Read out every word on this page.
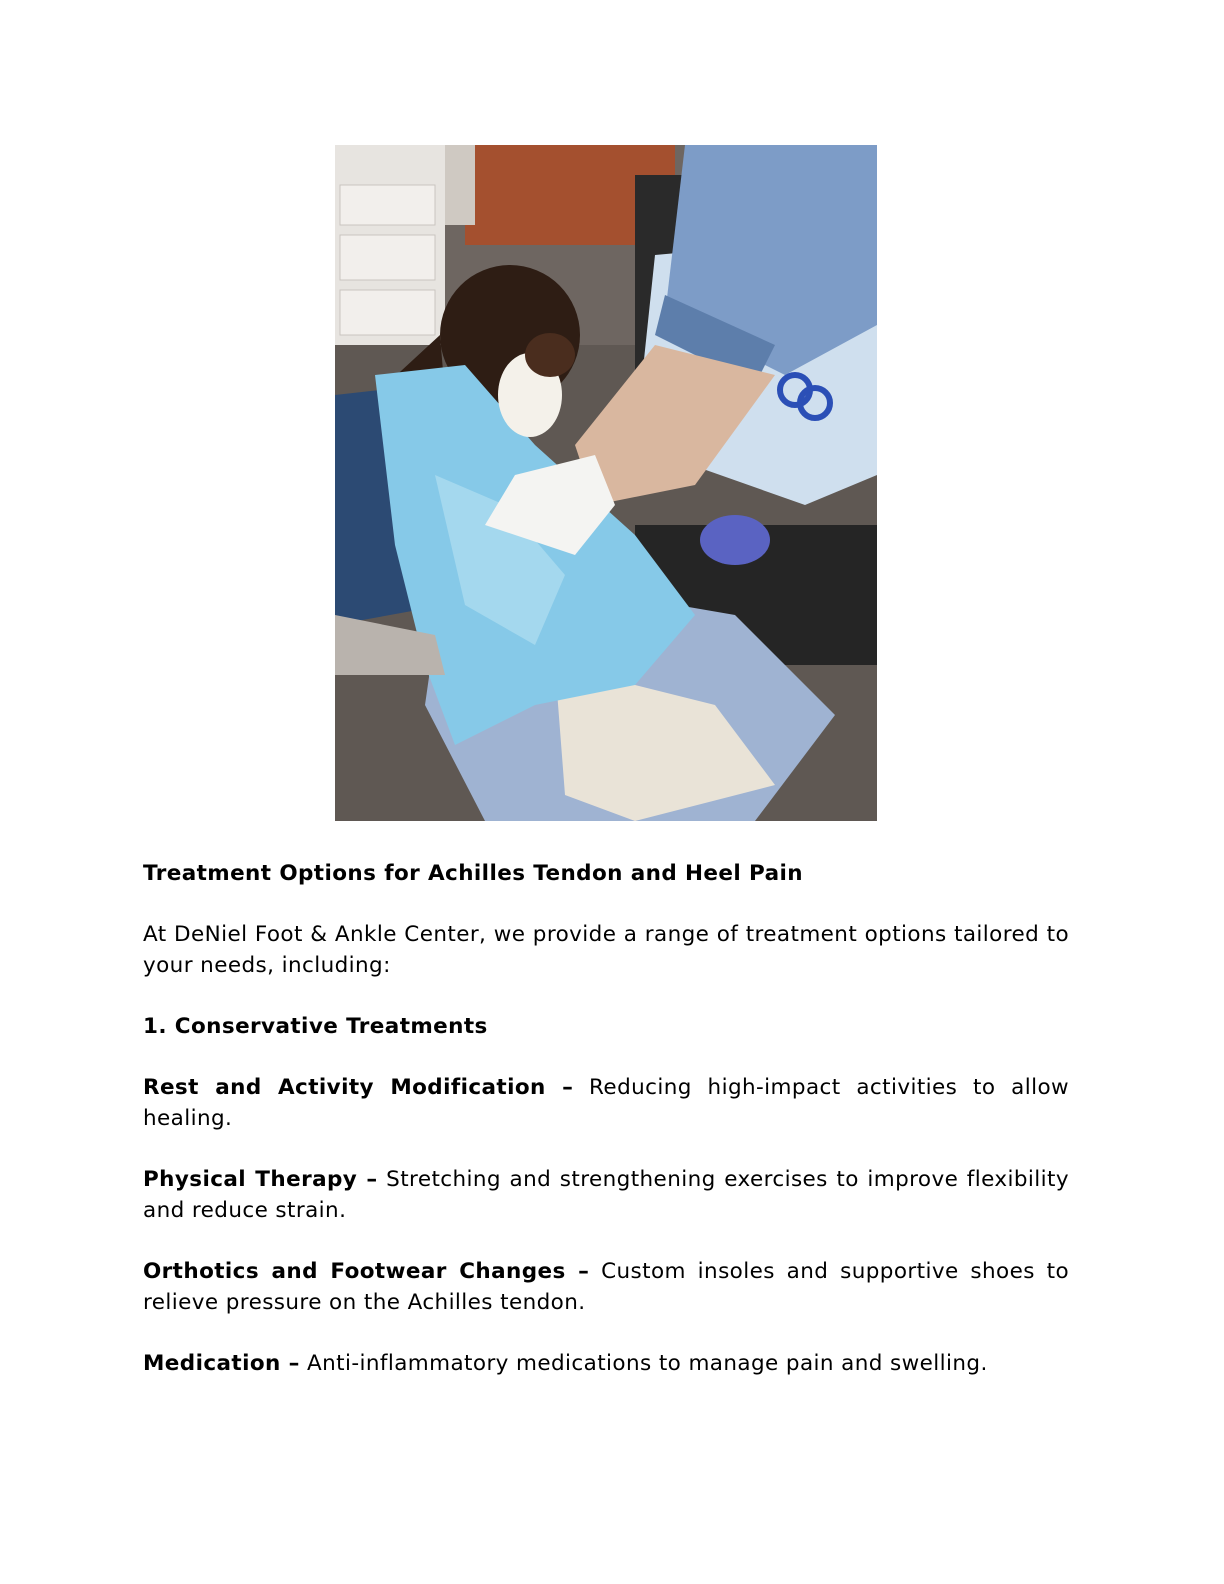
Treatment Options for Achilles Tendon and Heel Pain

At DeNiel Foot & Ankle Center, we provide a range of treatment options tailored to your needs, including:

1. Conservative Treatments

Rest and Activity Modification – Reducing high-impact activities to allow healing.

Physical Therapy – Stretching and strengthening exercises to improve flexibility and reduce strain.

Orthotics and Footwear Changes – Custom insoles and supportive shoes to relieve pressure on the Achilles tendon.

Medication – Anti-inflammatory medications to manage pain and swelling.
